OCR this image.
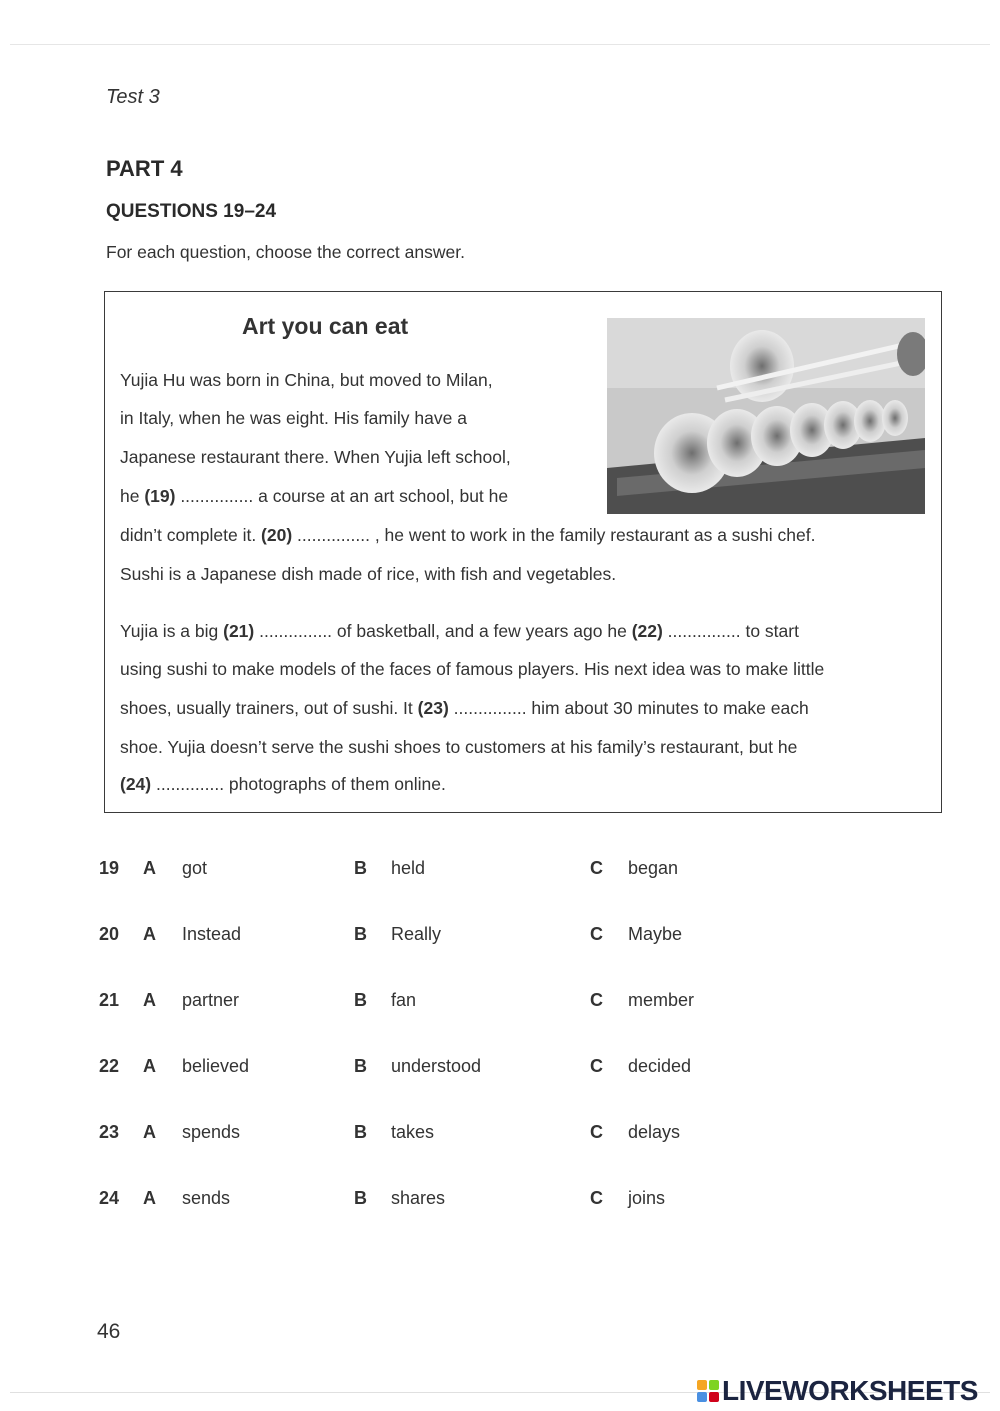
Test 3
PART 4
QUESTIONS 19–24
For each question, choose the correct answer.
Art you can eat
Yujia Hu was born in China, but moved to Milan,
in Italy, when he was eight. His family have a
Japanese restaurant there. When Yujia left school,
he (19) ............... a course at an art school, but he
didn’t complete it. (20) ............... , he went to work in the family restaurant as a sushi chef.
Sushi is a Japanese dish made of rice, with fish and vegetables.
Yujia is a big (21) ............... of basketball, and a few years ago he (22) ............... to start
using sushi to make models of the faces of famous players. His next idea was to make little
shoes, usually trainers, out of sushi. It (23) ............... him about 30 minutes to make each
shoe. Yujia doesn’t serve the sushi shoes to customers at his family’s restaurant, but he
(24) .............. photographs of them online.
19 A got	B held	C began
20 A Instead	B Really	C Maybe
21 A partner	B fan	C member
22 A believed	B understood	C decided
23 A spends	B takes	C delays
24 A sends	B shares	C joins
46
LIVEWORKSHEETS
